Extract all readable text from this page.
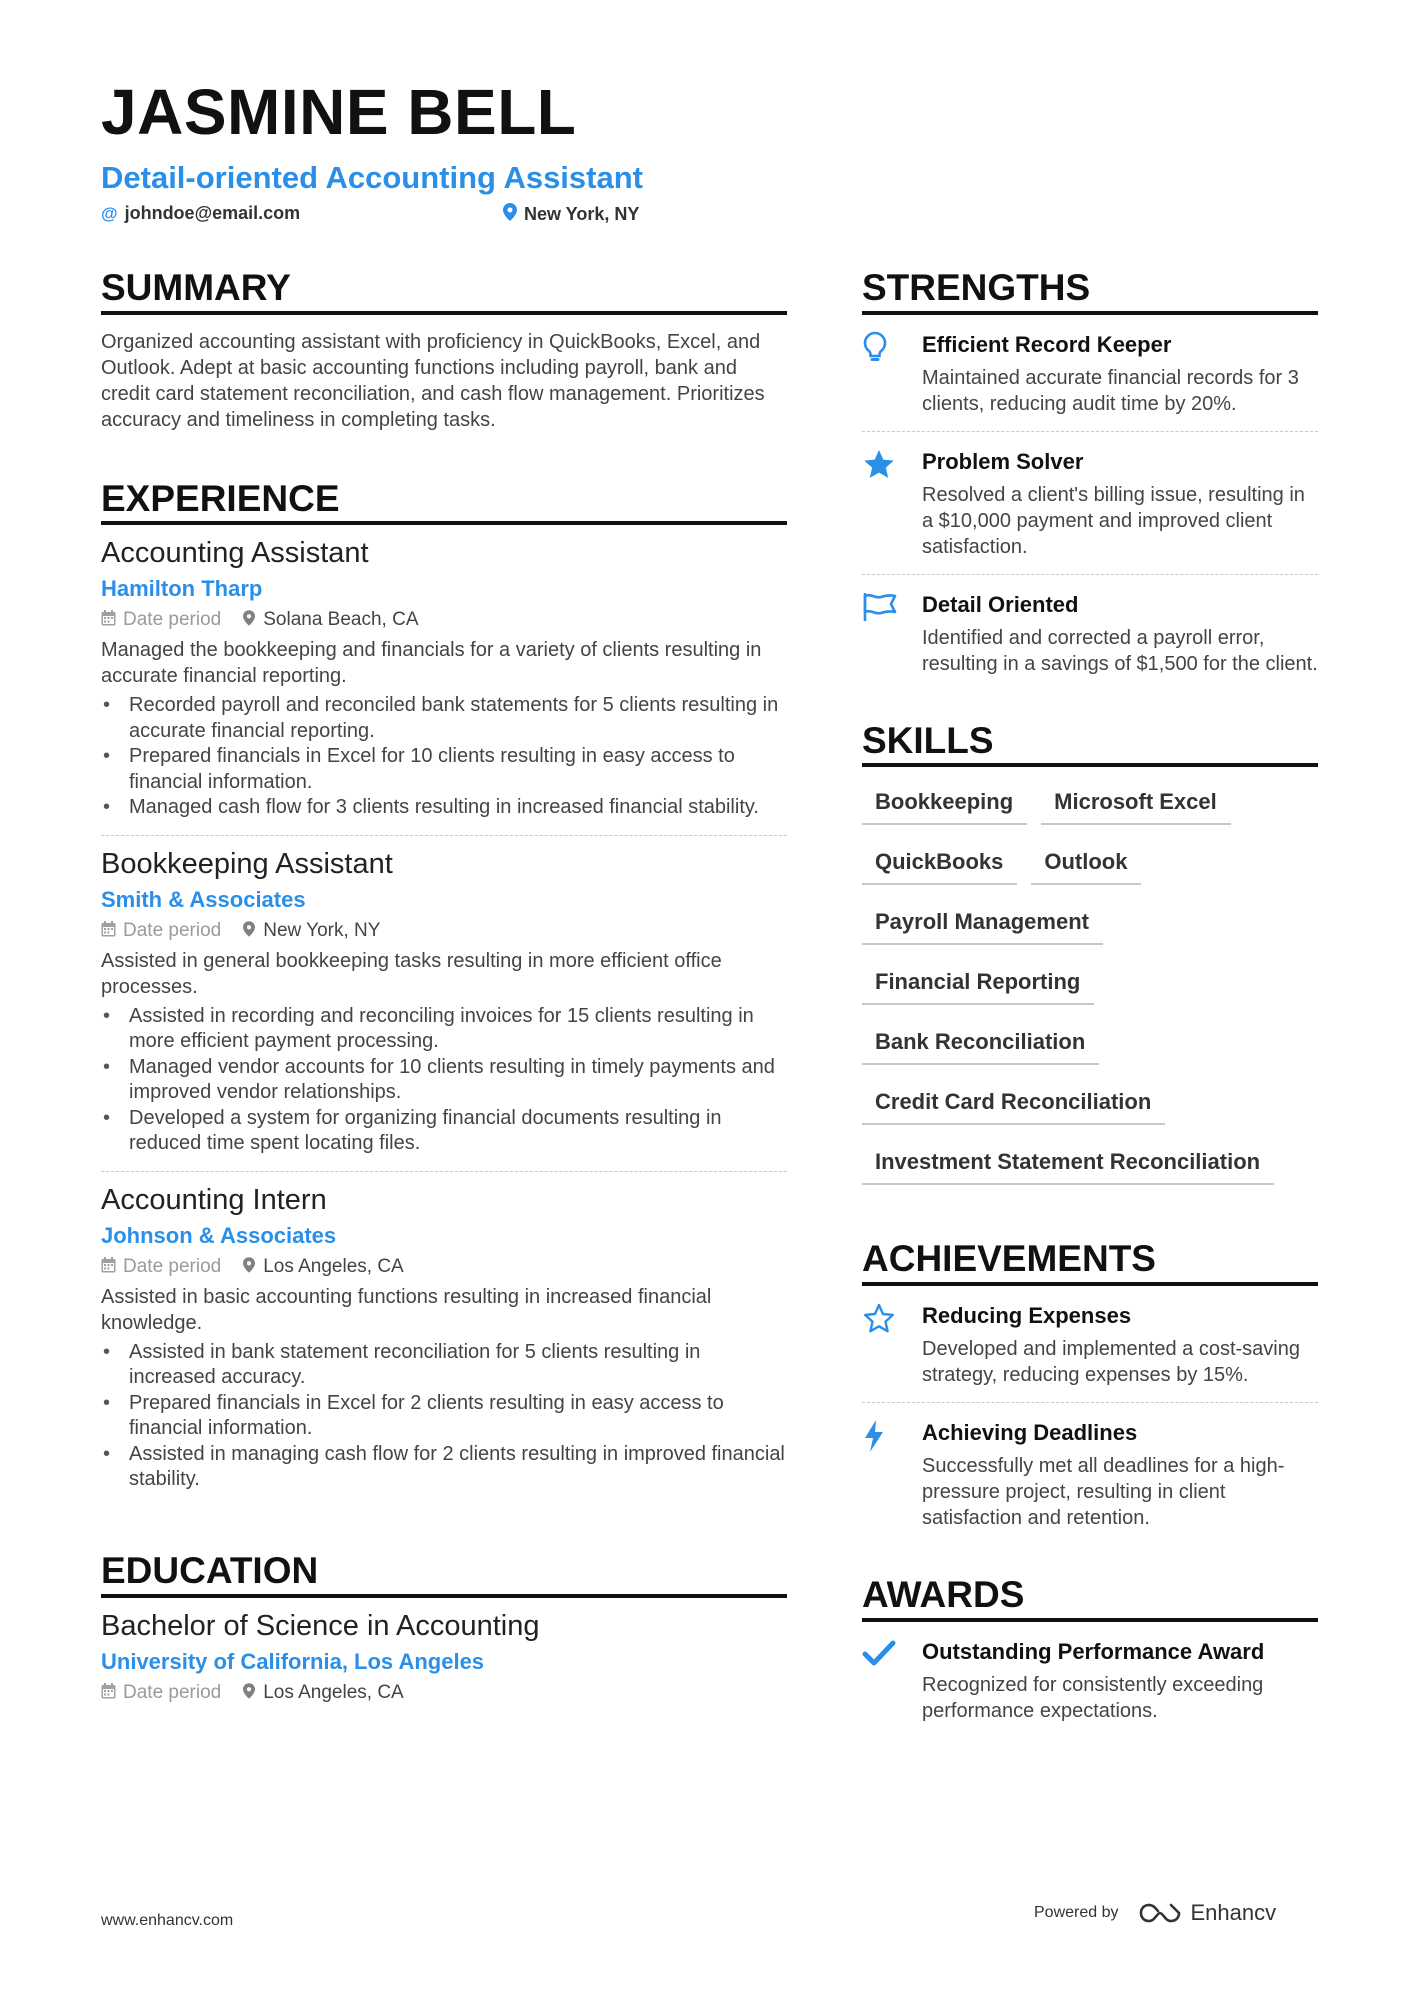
JASMINE BELL
Detail-oriented Accounting Assistant
@ johndoe@email.com	New York, NY
SUMMARY
Organized accounting assistant with proficiency in QuickBooks, Excel, and Outlook. Adept at basic accounting functions including payroll, bank and credit card statement reconciliation, and cash flow management. Prioritizes accuracy and timeliness in completing tasks.
EXPERIENCE
Accounting Assistant
Hamilton Tharp
Date period Solana Beach, CA
Managed the bookkeeping and financials for a variety of clients resulting in accurate financial reporting.
• Recorded payroll and reconciled bank statements for 5 clients resulting in accurate financial reporting.
• Prepared financials in Excel for 10 clients resulting in easy access to financial information.
• Managed cash flow for 3 clients resulting in increased financial stability.
Bookkeeping Assistant
Smith & Associates
Date period New York, NY
Assisted in general bookkeeping tasks resulting in more efficient office processes.
• Assisted in recording and reconciling invoices for 15 clients resulting in more efficient payment processing.
• Managed vendor accounts for 10 clients resulting in timely payments and improved vendor relationships.
• Developed a system for organizing financial documents resulting in reduced time spent locating files.
Accounting Intern
Johnson & Associates
Date period Los Angeles, CA
Assisted in basic accounting functions resulting in increased financial knowledge.
• Assisted in bank statement reconciliation for 5 clients resulting in increased accuracy.
• Prepared financials in Excel for 2 clients resulting in easy access to financial information.
• Assisted in managing cash flow for 2 clients resulting in improved financial stability.
EDUCATION
Bachelor of Science in Accounting
University of California, Los Angeles
Date period Los Angeles, CA
STRENGTHS
Efficient Record Keeper
Maintained accurate financial records for 3 clients, reducing audit time by 20%.
Problem Solver
Resolved a client's billing issue, resulting in a $10,000 payment and improved client satisfaction.
Detail Oriented
Identified and corrected a payroll error, resulting in a savings of $1,500 for the client.
SKILLS
Bookkeeping	Microsoft Excel
QuickBooks	Outlook
Payroll Management
Financial Reporting
Bank Reconciliation
Credit Card Reconciliation
Investment Statement Reconciliation
ACHIEVEMENTS
Reducing Expenses
Developed and implemented a cost-saving strategy, reducing expenses by 15%.
Achieving Deadlines
Successfully met all deadlines for a high-pressure project, resulting in client satisfaction and retention.
AWARDS
Outstanding Performance Award
Recognized for consistently exceeding performance expectations.
www.enhancv.com	Powered by	Enhancv
